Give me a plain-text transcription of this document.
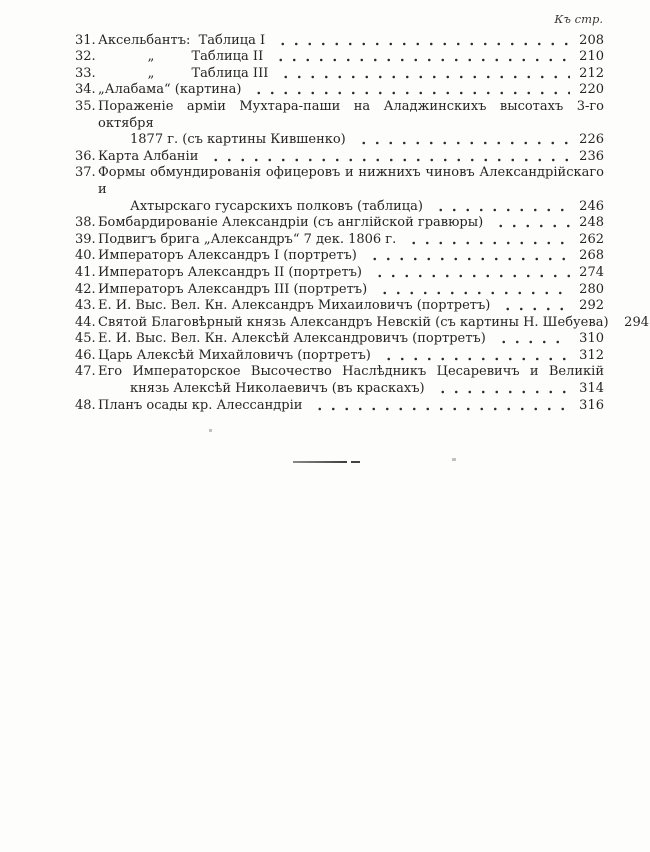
Къ стр.
31. Аксельбантъ:  Таблица I	208
32. „         Таблица II	210
33. „         Таблица III	212
34. „Алабама“ (картина)	220
35. Пораженіе арміи Мухтара-паши на Аладжинскихъ высотахъ 3-го октября
1877 г. (съ картины Кившенко)	226
36. Карта Албаніи	236
37. Формы обмундированія офицеровъ и нижнихъ чиновъ Александрійскаго и
Ахтырскаго гусарскихъ полковъ (таблица)	246
38. Бомбардированіе Александріи (съ англійской гравюры)	248
39. Подвигъ брига „Александръ“ 7 дек. 1806 г.	262
40. Императоръ Александръ I (портретъ)	268
41. Императоръ Александръ II (портретъ)	274
42. Императоръ Александръ III (портретъ)	280
43. Е. И. Выс. Вел. Кн. Александръ Михаиловичъ (портретъ)	292
44. Святой Благовѣрный князь Александръ Невскій (съ картины Н. Шебуева) 294
45. Е. И. Выс. Вел. Кн. Алексѣй Александровичъ (портретъ)	310
46. Царь Алексѣй Михайловичъ (портретъ)	312
47. Его Императорское Высочество Наслѣдникъ Цесаревичъ и Великій
князь Алексѣй Николаевичъ (въ краскахъ)	314
48. Планъ осады кр. Алессандріи	316
